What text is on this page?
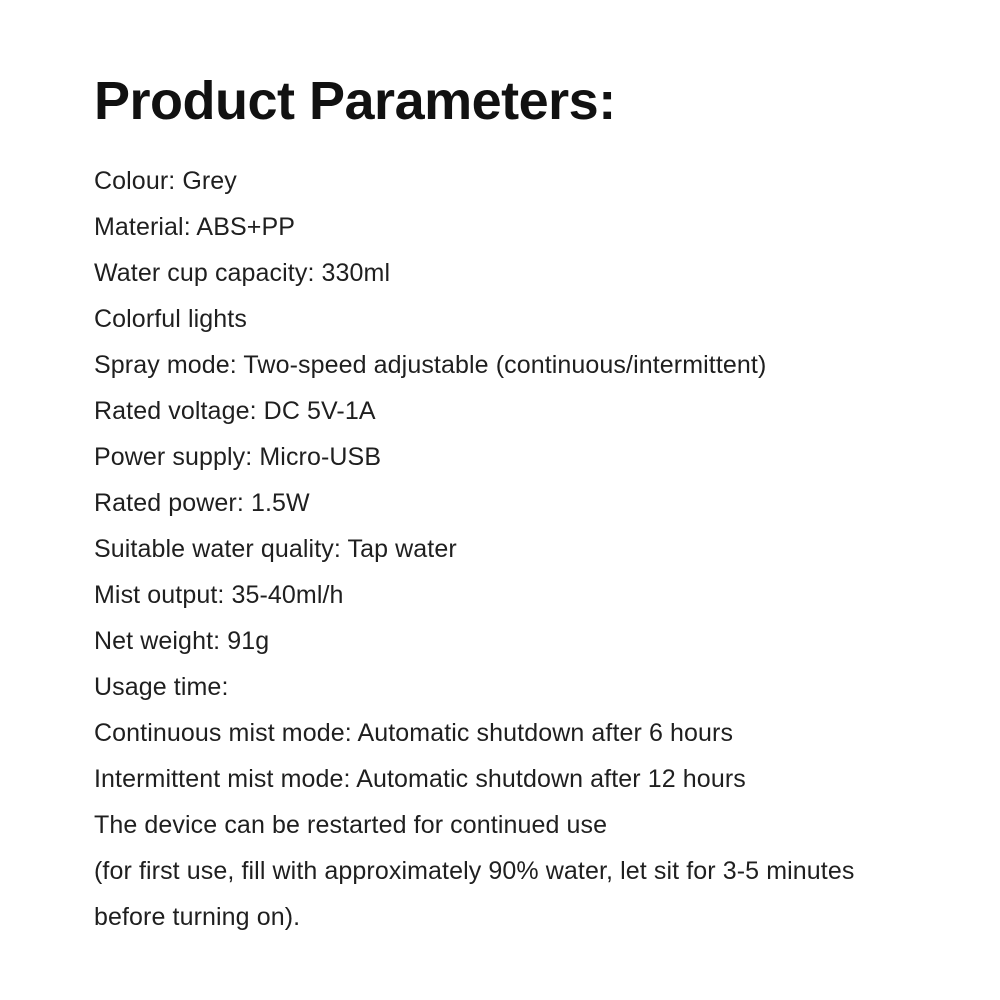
Product Parameters:
Colour: Grey
Material: ABS+PP
Water cup capacity: 330ml
Colorful lights
Spray mode: Two-speed adjustable (continuous/intermittent)
Rated voltage: DC 5V-1A
Power supply: Micro-USB
Rated power: 1.5W
Suitable water quality: Tap water
Mist output: 35-40ml/h
Net weight: 91g
Usage time:
Continuous mist mode: Automatic shutdown after 6 hours
Intermittent mist mode: Automatic shutdown after 12 hours
The device can be restarted for continued use
(for first use, fill with approximately 90% water, let sit for 3-5 minutes
before turning on).
